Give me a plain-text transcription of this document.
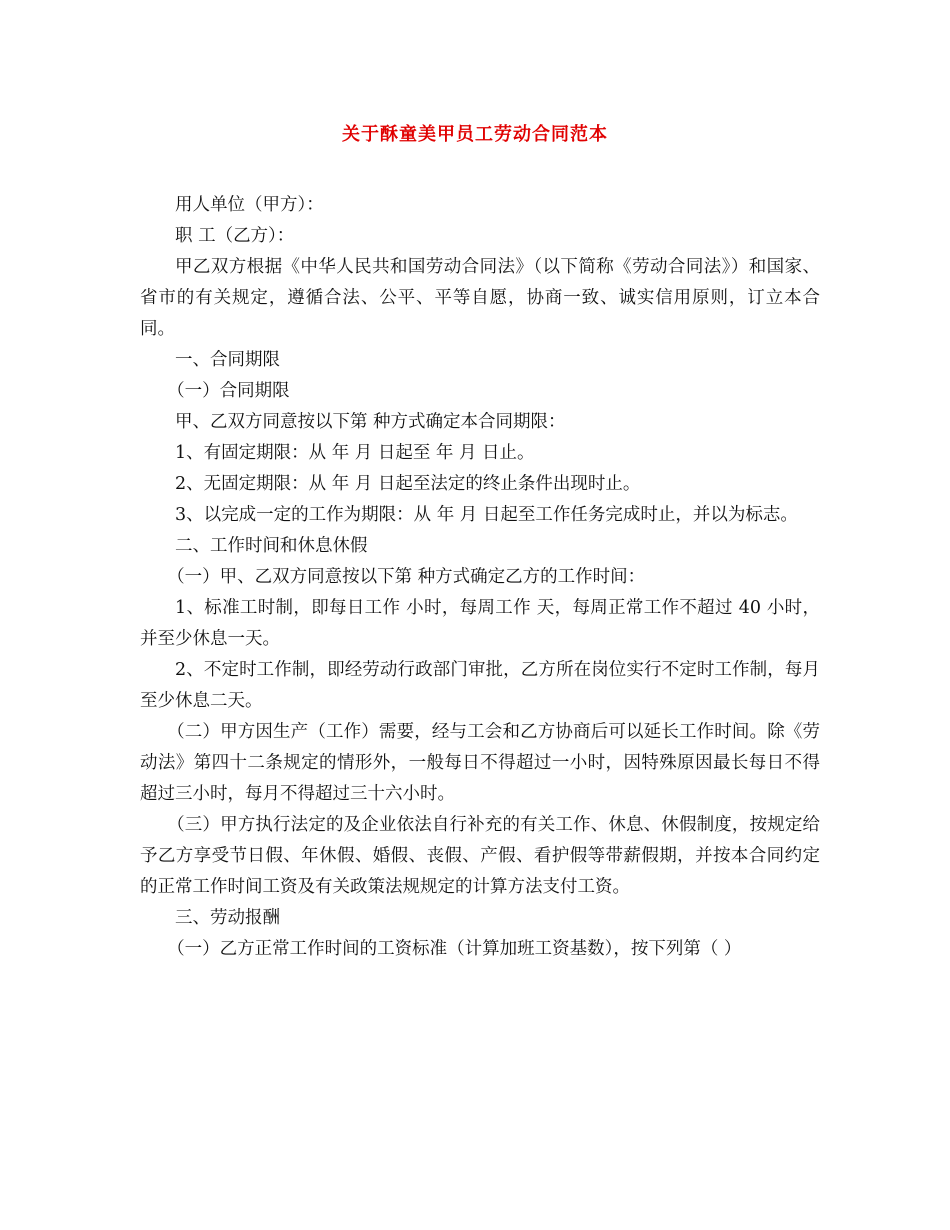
关于酥童美甲员工劳动合同范本

用人单位（甲方）：

职 工（乙方）：

甲乙双方根据《中华人民共和国劳动合同法》（以下简称《劳动合同法》）和国家、省市的有关规定，遵循合法、公平、平等自愿，协商一致、诚实信用原则，订立本合同。

一、合同期限

（一）合同期限

甲、乙双方同意按以下第 种方式确定本合同期限：

1、有固定期限：从 年 月 日起至 年 月 日止。

2、无固定期限：从 年 月 日起至法定的终止条件出现时止。

3、以完成一定的工作为期限：从 年 月 日起至工作任务完成时止，并以为标志。

二、工作时间和休息休假

（一）甲、乙双方同意按以下第 种方式确定乙方的工作时间：

1、标准工时制，即每日工作 小时，每周工作 天，每周正常工作不超过 40 小时，并至少休息一天。

2、不定时工作制，即经劳动行政部门审批，乙方所在岗位实行不定时工作制，每月至少休息二天。

（二）甲方因生产（工作）需要，经与工会和乙方协商后可以延长工作时间。除《劳动法》第四十二条规定的情形外，一般每日不得超过一小时，因特殊原因最长每日不得超过三小时，每月不得超过三十六小时。

（三）甲方执行法定的及企业依法自行补充的有关工作、休息、休假制度，按规定给予乙方享受节日假、年休假、婚假、丧假、产假、看护假等带薪假期，并按本合同约定的正常工作时间工资及有关政策法规规定的计算方法支付工资。

三、劳动报酬

（一）乙方正常工作时间的工资标准（计算加班工资基数），按下列第（ ）
